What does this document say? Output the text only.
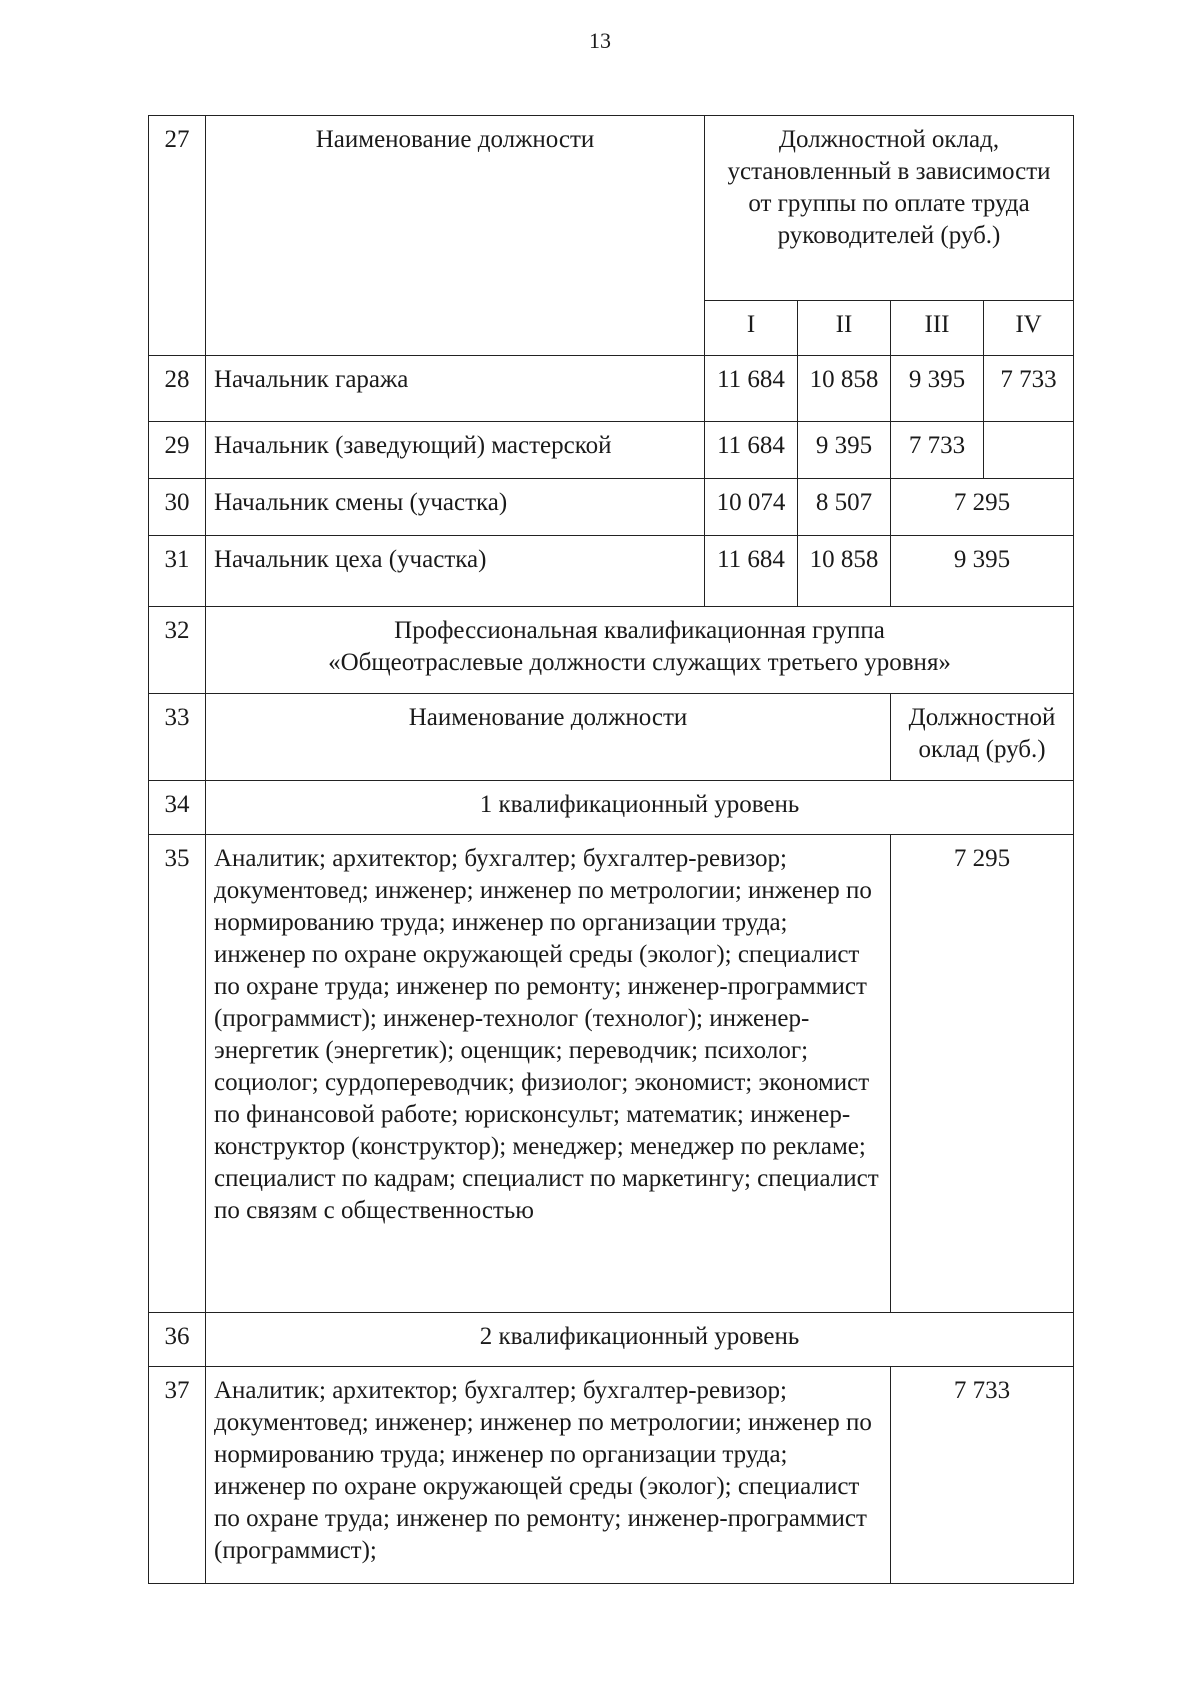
13
27	Наименование должности	Должностной оклад, установленный в зависимости от группы по оплате труда руководителей (руб.)			
		I	II	III	IV
28	Начальник гаража	11 684	10 858	9 395	7 733
29	Начальник (заведующий) мастерской	11 684	9 395	7 733	
30	Начальник смены (участка)	10 074	8 507	7 295	
31	Начальник цеха (участка)	11 684	10 858	9 395	
32	Профессиональная квалификационная группа
«Общеотраслевые должности служащих третьего уровня»				

33	Наименование должности			Должностной оклад (руб.)	
34	1 квалификационный уровень				
35	Аналитик; архитектор; бухгалтер; бухгалтер-ревизор; документовед; инженер; инженер по метрологии; инженер по нормированию труда; инженер по организации труда; инженер по охране окружающей среды (эколог); специалист по охране труда; инженер по ремонту; инженер-программист (программист); инженер-технолог (технолог); инженер-энергетик (энергетик); оценщик; переводчик; психолог; социолог; сурдопереводчик; физиолог; экономист; экономист по финансовой работе; юрисконсульт; математик; инженер-конструктор (конструктор); менеджер; менеджер по рекламе; специалист по кадрам; специалист по маркетингу; специалист по связям с общественностью			7 295	
36	2 квалификационный уровень				
37	Аналитик; архитектор; бухгалтер; бухгалтер-ревизор; документовед; инженер; инженер по метрологии; инженер по нормированию труда; инженер по организации труда; инженер по охране окружающей среды (эколог); специалист по охране труда; инженер по ремонту; инженер-программист (программист);			7 733	
